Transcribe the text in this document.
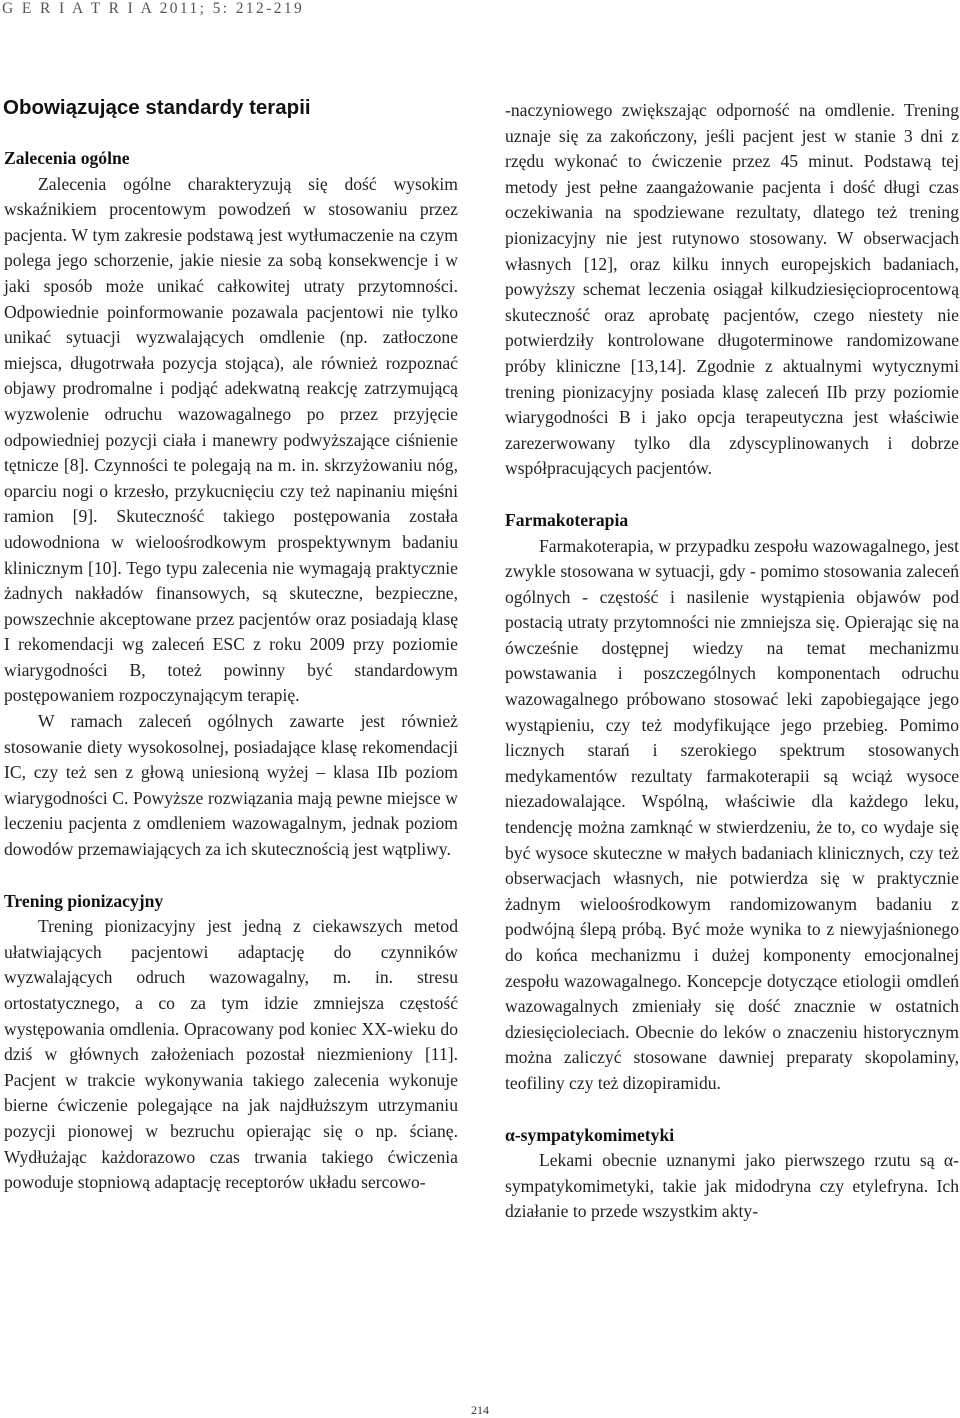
G E R I A T R I A 2011; 5: 212-219
Obowiązujące standardy terapii
Zalecenia ogólne

Zalecenia ogólne charakteryzują się dość wysokim wskaźnikiem procentowym powodzeń w stosowaniu przez pacjenta. W tym zakresie podstawą jest wytłumaczenie na czym polega jego schorzenie, jakie niesie za sobą konsekwencje i w jaki sposób może unikać całkowitej utraty przytomności. Odpowiednie poinformowanie pozawala pacjentowi nie tylko unikać sytuacji wyzwalających omdlenie (np. zatłoczone miejsca, długotrwała pozycja stojąca), ale również rozpoznać objawy prodromalne i podjąć adekwatną reakcję zatrzymującą wyzwolenie odruchu wazowagalnego po przez przyjęcie odpowiedniej pozycji ciała i manewry podwyższające ciśnienie tętnicze [8]. Czynności te polegają na m. in. skrzyżowaniu nóg, oparciu nogi o krzesło, przykucnięciu czy też napinaniu mięśni ramion [9]. Skuteczność takiego postępowania została udowodniona w wieloośrodkowym prospektywnym badaniu klinicznym [10]. Tego typu zalecenia nie wymagają praktycznie żadnych nakładów finansowych, są skuteczne, bezpieczne, powszechnie akceptowane przez pacjentów oraz posiadają klasę I rekomendacji wg zaleceń ESC z roku 2009 przy poziomie wiarygodności B, toteż powinny być standardowym postępowaniem rozpoczynającym terapię.

W ramach zaleceń ogólnych zawarte jest również stosowanie diety wysokosolnej, posiadające klasę rekomendacji IC, czy też sen z głową uniesioną wyżej – klasa IIb poziom wiarygodności C. Powyższe rozwiązania mają pewne miejsce w leczeniu pacjenta z omdleniem wazowagalnym, jednak poziom dowodów przemawiających za ich skutecznością jest wątpliwy.

Trening pionizacyjny

Trening pionizacyjny jest jedną z ciekawszych metod ułatwiających pacjentowi adaptację do czynników wyzwalających odruch wazowagalny, m. in. stresu ortostatycznego, a co za tym idzie zmniejsza częstość występowania omdlenia. Opracowany pod koniec XX-wieku do dziś w głównych założeniach pozostał niezmieniony [11]. Pacjent w trakcie wykonywania takiego zalecenia wykonuje bierne ćwiczenie polegające na jak najdłuższym utrzymaniu pozycji pionowej w bezruchu opierając się o np. ścianę. Wydłużając każdorazowo czas trwania takiego ćwiczenia powoduje stopniową adaptację receptorów układu sercowo-

-naczyniowego zwiększając odporność na omdlenie. Trening uznaje się za zakończony, jeśli pacjent jest w stanie 3 dni z rzędu wykonać to ćwiczenie przez 45 minut. Podstawą tej metody jest pełne zaangażowanie pacjenta i dość długi czas oczekiwania na spodziewane rezultaty, dlatego też trening pionizacyjny nie jest rutynowo stosowany. W obserwacjach własnych [12], oraz kilku innych europejskich badaniach, powyższy schemat leczenia osiągał kilkudziesięcioprocentową skuteczność oraz aprobatę pacjentów, czego niestety nie potwierdziły kontrolowane długoterminowe randomizowane próby kliniczne [13,14]. Zgodnie z aktualnymi wytycznymi trening pionizacyjny posiada klasę zaleceń IIb przy poziomie wiarygodności B i jako opcja terapeutyczna jest właściwie zarezerwowany tylko dla zdyscyplinowanych i dobrze współpracujących pacjentów.

Farmakoterapia

Farmakoterapia, w przypadku zespołu wazowagalnego, jest zwykle stosowana w sytuacji, gdy - pomimo stosowania zaleceń ogólnych - częstość i nasilenie wystąpienia objawów pod postacią utraty przytomności nie zmniejsza się. Opierając się na ówcześnie dostępnej wiedzy na temat mechanizmu powstawania i poszczególnych komponentach odruchu wazowagalnego próbowano stosować leki zapobiegające jego wystąpieniu, czy też modyfikujące jego przebieg. Pomimo licznych starań i szerokiego spektrum stosowanych medykamentów rezultaty farmakoterapii są wciąż wysoce niezadowalające. Wspólną, właściwie dla każdego leku, tendencję można zamknąć w stwierdzeniu, że to, co wydaje się być wysoce skuteczne w małych badaniach klinicznych, czy też obserwacjach własnych, nie potwierdza się w praktycznie żadnym wieloośrodkowym randomizowanym badaniu z podwójną ślepą próbą. Być może wynika to z niewyjaśnionego do końca mechanizmu i dużej komponenty emocjonalnej zespołu wazowagalnego. Koncepcje dotyczące etiologii omdleń wazowagalnych zmieniały się dość znacznie w ostatnich dziesięcioleciach. Obecnie do leków o znaczeniu historycznym można zaliczyć stosowane dawniej preparaty skopolaminy, teofiliny czy też dizopiramidu.

α-sympatykomimetyki

Lekami obecnie uznanymi jako pierwszego rzutu są α-sympatykomimetyki, takie jak midodryna czy etylefryna. Ich działanie to przede wszystkim akty-

214
